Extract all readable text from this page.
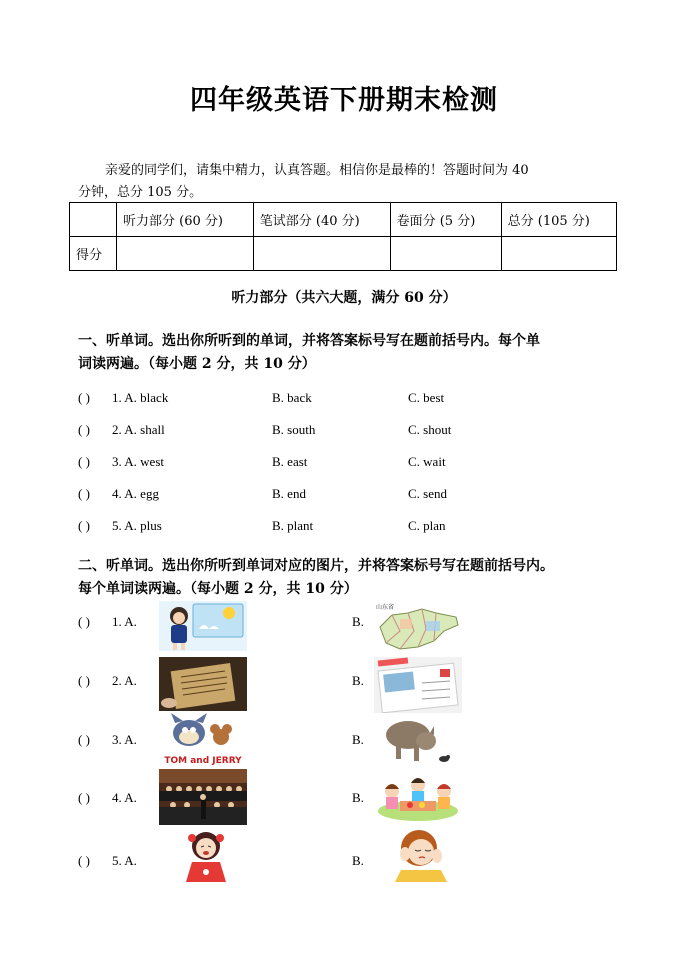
四年级英语下册期末检测
亲爱的同学们，请集中精力，认真答题。相信你是最棒的！答题时间为 40
分钟，总分 105 分。
	听力部分 (60 分)	笔试部分 (40 分)	卷面分 (5 分)	总分 (105 分)
得分				
听力部分（共六大题，满分 60 分）
一、听单词。选出你所听到的单词，并将答案标号写在题前括号内。每个单
词读两遍。（每小题 2 分，共 10 分）
( ) 1. A. black	B. back	C. best
( ) 2. A. shall	B. south	C. shout
( ) 3. A. west	B. east	C. wait
( ) 4. A. egg	B. end	C. send
( ) 5. A. plus	B. plant	C. plan
二、听单词。选出你所听到单词对应的图片，并将答案标号写在题前括号内。
每个单词读两遍。（每小题 2 分，共 10 分）
( ) 1. A.	B.
山东省
( ) 2. A.	B.
( ) 3. A.	B.
TOM and JERRY
( ) 4. A.	B.
( ) 5. A.	B.
